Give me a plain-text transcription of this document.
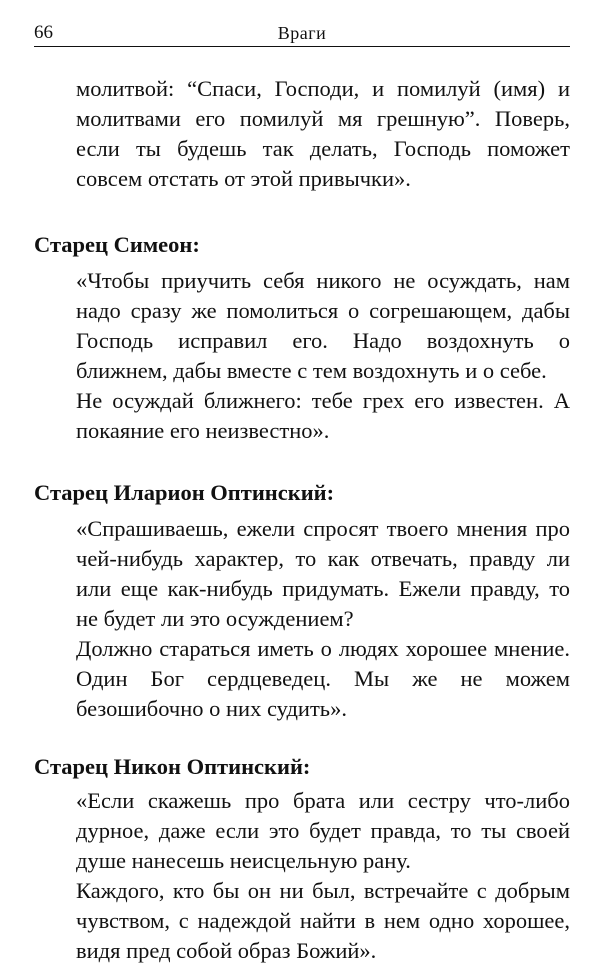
66	Враги

молитвой: “Спаси, Господи, и помилуй (имя) и молитвами его помилуй мя грешную”. Поверь, если ты будешь так делать, Господь поможет совсем отстать от этой привычки».

Старец Симеон:

«Чтобы приучить себя никого не осуждать, нам надо сразу же помолиться о согрешающем, дабы Господь исправил его. Надо воздохнуть о ближнем, дабы вместе с тем воздохнуть и о себе.

Не осуждай ближнего: тебе грех его известен. А покаяние его неизвестно».

Старец Иларион Оптинский:

«Спрашиваешь, ежели спросят твоего мнения про чей-нибудь характер, то как отвечать, правду ли или еще как-нибудь придумать. Ежели правду, то не будет ли это осуждением?

Должно стараться иметь о людях хорошее мнение. Один Бог сердцеведец. Мы же не можем безошибочно о них судить».

Старец Никон Оптинский:

«Если скажешь про брата или сестру что-либо дурное, даже если это будет правда, то ты своей душе нанесешь неисцельную рану.

Каждого, кто бы он ни был, встречайте с добрым чувством, с надеждой найти в нем одно хорошее, видя пред собой образ Божий».
